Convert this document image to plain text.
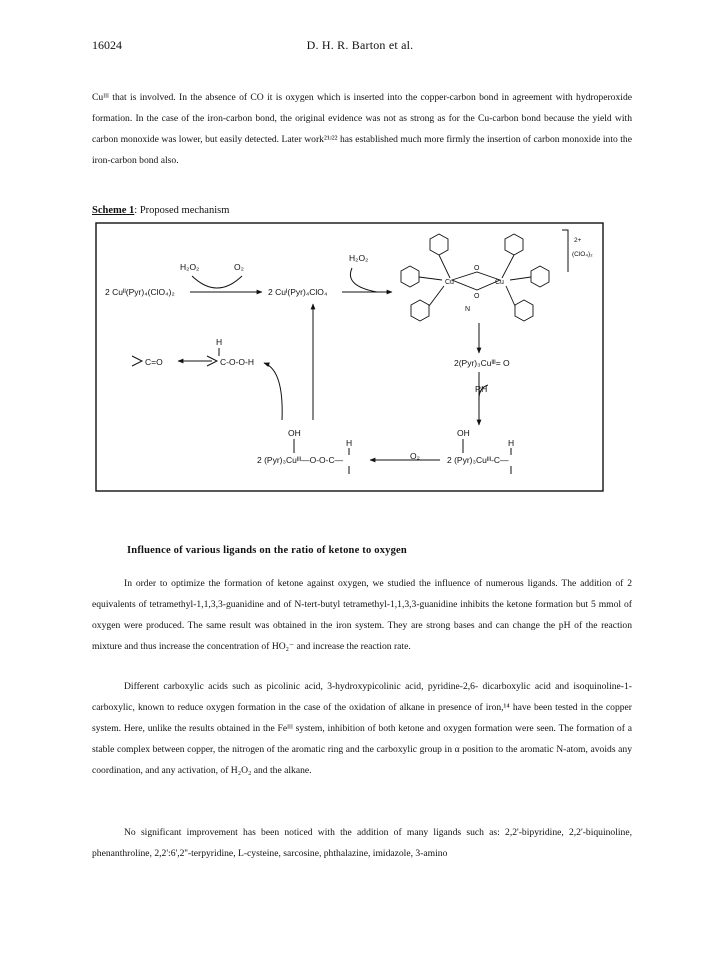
16024	D. H. R. Barton et al.

Cuᴵᴵᴵ that is involved. In the absence of CO it is oxygen which is inserted into the copper-carbon bond in agreement with hydroperoxide formation. In the case of the iron-carbon bond, the original evidence was not as strong as for the Cu-carbon bond because the yield with carbon monoxide was lower, but easily detected. Later work²¹ʴ²² has established much more firmly the insertion of carbon monoxide into the iron-carbon bond also.

Scheme 1: Proposed mechanism
2 Cuᴵᴵ(Pyr)₄(ClO₄)₂
H₂O₂	O₂
2 Cuᴵ(Pyr)₄ClO₄
H₂O₂
2+
(ClO₄)₂
N
C=O	C-O-O-H
H
2(Pyr)₃Cuᴵᴵᴵ= O
RH
OH
H
2 (Pyr)₃Cuᴵᴵᴵ—O-O-C—	O₂
OH
H
2 (Pyr)₃Cuᴵᴵᴵ-C—
Cu	Cu
O
O
Influence of various ligands on the ratio of ketone to oxygen

In order to optimize the formation of ketone against oxygen, we studied the influence of numerous ligands. The addition of 2 equivalents of tetramethyl-1,1,3,3-guanidine and of N-tert-butyl tetramethyl-1,1,3,3-guanidine inhibits the ketone formation but 5 mmol of oxygen were produced. The same result was obtained in the iron system. They are strong bases and can change the pH of the reaction mixture and thus increase the concentration of HO₂⁻ and increase the reaction rate.

Different carboxylic acids such as picolinic acid, 3-hydroxypicolinic acid, pyridine-2,6- dicarboxylic acid and isoquinoline-1-carboxylic, known to reduce oxygen formation in the case of the oxidation of alkane in presence of iron,¹⁴ have been tested in the copper system. Here, unlike the results obtained in the Feᴵᴵᴵ system, inhibition of both ketone and oxygen formation were seen. The formation of a stable complex between copper, the nitrogen of the aromatic ring and the carboxylic group in α position to the aromatic N-atom, avoids any coordination, and any activation, of H₂O₂ and the alkane.

No significant improvement has been noticed with the addition of many ligands such as: 2,2'-bipyridine, 2,2'-biquinoline, phenanthroline, 2,2':6',2''-terpyridine, L-cysteine, sarcosine, phthalazine, imidazole, 3-amino
